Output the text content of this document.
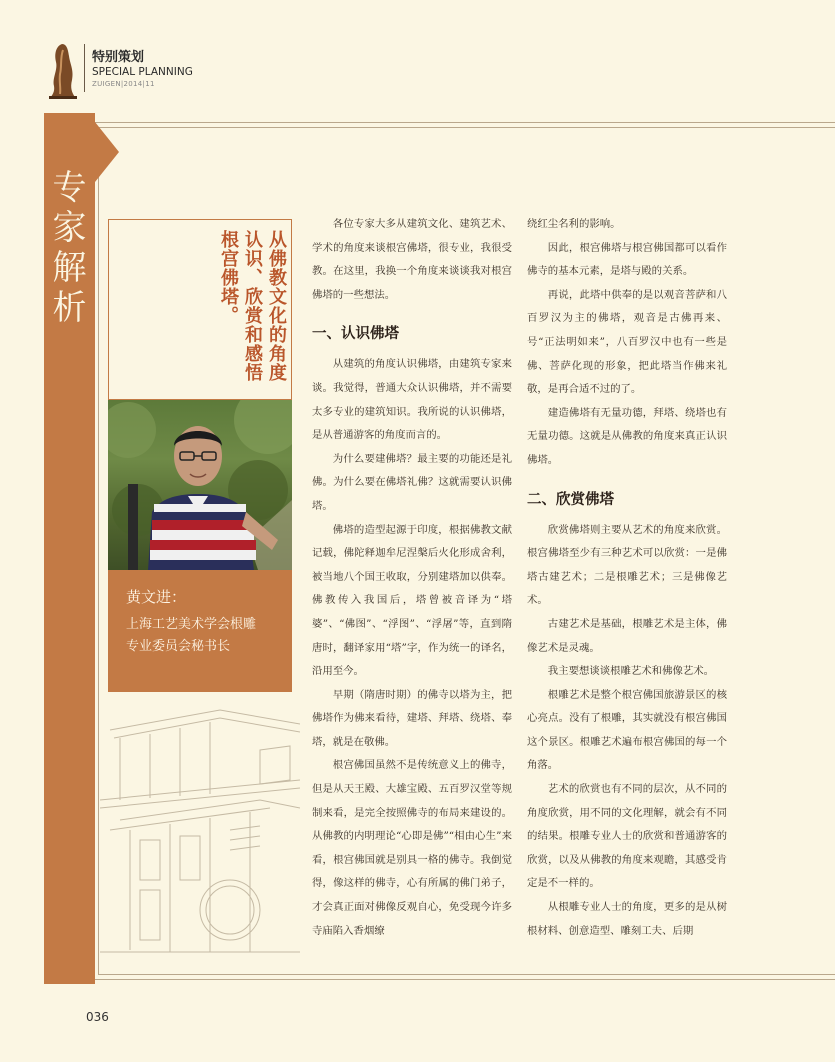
特别策划
SPECIAL PLANNING
ZUIGEN|2014|11
专
家
解
析	从佛教文化的角度
认识、欣赏和感悟
根宫佛塔。
黄文进：
上海工艺美术学会根雕
专业委员会秘书长

各位专家大多从建筑文化、建筑艺术、学术的角度来谈根宫佛塔，很专业，我很受教。在这里，我换一个角度来谈谈我对根宫佛塔的一些想法。

一、认识佛塔

从建筑的角度认识佛塔，由建筑专家来谈。我觉得，普通大众认识佛塔，并不需要太多专业的建筑知识。我所说的认识佛塔，是从普通游客的角度而言的。

为什么要建佛塔？最主要的功能还是礼佛。为什么要在佛塔礼佛？这就需要认识佛塔。

佛塔的造型起源于印度，根据佛教文献记载，佛陀释迦牟尼涅槃后火化形成舍利，被当地八个国王收取，分别建塔加以供奉。佛教传入我国后，塔曾被音译为“塔婆”、“佛图”、“浮图”、“浮屠”等，直到隋唐时，翻译家用“塔”字，作为统一的译名，沿用至今。

早期（隋唐时期）的佛寺以塔为主，把佛塔作为佛来看待，建塔、拜塔、绕塔、奉塔，就是在敬佛。

根宫佛国虽然不是传统意义上的佛寺，但是从天王殿、大雄宝殿、五百罗汉堂等规制来看，是完全按照佛寺的布局来建设的。从佛教的内明理论“心即是佛”“相由心生”来看，根宫佛国就是别具一格的佛寺。我倒觉得，像这样的佛寺，心有所属的佛门弟子，才会真正面对佛像反观自心，免受现今许多寺庙陷入香烟缭

绕红尘名利的影响。

因此，根宫佛塔与根宫佛国都可以看作佛寺的基本元素，是塔与殿的关系。

再说，此塔中供奉的是以观音菩萨和八百罗汉为主的佛塔，观音是古佛再来、号“正法明如来”，八百罗汉中也有一些是佛、菩萨化现的形象，把此塔当作佛来礼敬，是再合适不过的了。

建造佛塔有无量功德，拜塔、绕塔也有无量功德。这就是从佛教的角度来真正认识佛塔。

二、欣赏佛塔

欣赏佛塔则主要从艺术的角度来欣赏。根宫佛塔至少有三种艺术可以欣赏：一是佛塔古建艺术；二是根雕艺术；三是佛像艺术。

古建艺术是基础，根雕艺术是主体，佛像艺术是灵魂。

我主要想谈谈根雕艺术和佛像艺术。

根雕艺术是整个根宫佛国旅游景区的核心亮点。没有了根雕，其实就没有根宫佛国这个景区。根雕艺术遍布根宫佛国的每一个角落。

艺术的欣赏也有不同的层次，从不同的角度欣赏，用不同的文化理解，就会有不同的结果。根雕专业人士的欣赏和普通游客的欣赏，以及从佛教的角度来观瞻，其感受肯定是不一样的。

从根雕专业人士的角度，更多的是从树根材料、创意造型、雕刻工夫、后期

036
